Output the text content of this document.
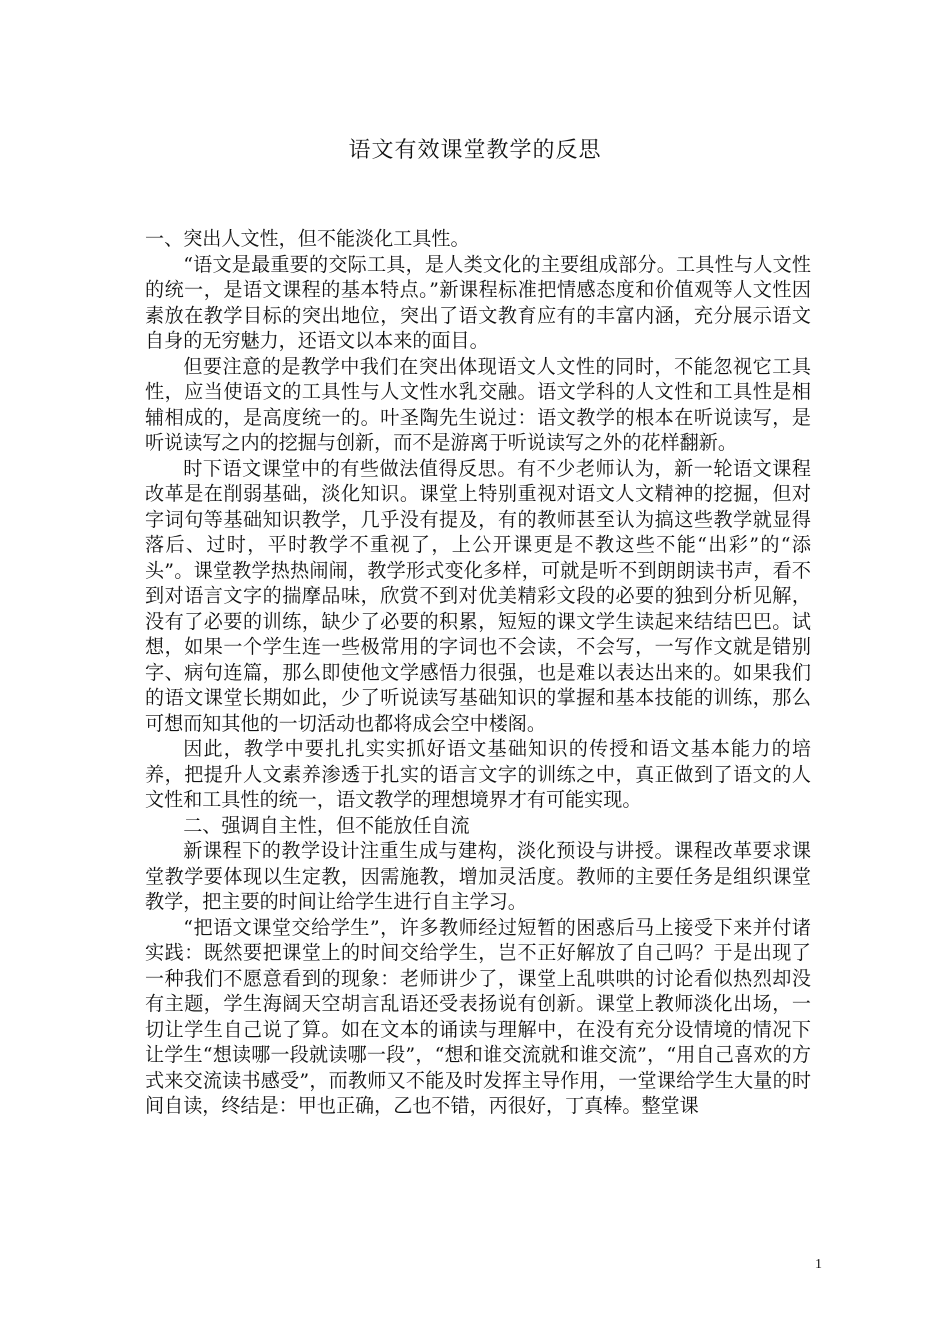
语文有效课堂教学的反思

一、突出人文性，但不能淡化工具性。

“语文是最重要的交际工具，是人类文化的主要组成部分。工具性与人文性的统一，是语文课程的基本特点。”新课程标准把情感态度和价值观等人文性因素放在教学目标的突出地位，突出了语文教育应有的丰富内涵，充分展示语文自身的无穷魅力，还语文以本来的面目。

但要注意的是教学中我们在突出体现语文人文性的同时，不能忽视它工具性，应当使语文的工具性与人文性水乳交融。语文学科的人文性和工具性是相辅相成的，是高度统一的。叶圣陶先生说过：语文教学的根本在听说读写，是听说读写之内的挖掘与创新，而不是游离于听说读写之外的花样翻新。

时下语文课堂中的有些做法值得反思。有不少老师认为，新一轮语文课程改革是在削弱基础，淡化知识。课堂上特别重视对语文人文精神的挖掘，但对字词句等基础知识教学，几乎没有提及，有的教师甚至认为搞这些教学就显得落后、过时，平时教学不重视了，上公开课更是不教这些不能“出彩”的“添头”。课堂教学热热闹闹，教学形式变化多样，可就是听不到朗朗读书声，看不到对语言文字的揣摩品味，欣赏不到对优美精彩文段的必要的独到分析见解，没有了必要的训练，缺少了必要的积累，短短的课文学生读起来结结巴巴。试想，如果一个学生连一些极常用的字词也不会读，不会写，一写作文就是错别字、病句连篇，那么即使他文学感悟力很强，也是难以表达出来的。如果我们的语文课堂长期如此，少了听说读写基础知识的掌握和基本技能的训练，那么可想而知其他的一切活动也都将成会空中楼阁。

因此，教学中要扎扎实实抓好语文基础知识的传授和语文基本能力的培养，把提升人文素养渗透于扎实的语言文字的训练之中，真正做到了语文的人文性和工具性的统一，语文教学的理想境界才有可能实现。

二、强调自主性，但不能放任自流

新课程下的教学设计注重生成与建构，淡化预设与讲授。课程改革要求课堂教学要体现以生定教，因需施教，增加灵活度。教师的主要任务是组织课堂教学，把主要的时间让给学生进行自主学习。

“把语文课堂交给学生”，许多教师经过短暂的困惑后马上接受下来并付诸实践：既然要把课堂上的时间交给学生，岂不正好解放了自己吗？于是出现了一种我们不愿意看到的现象：老师讲少了，课堂上乱哄哄的讨论看似热烈却没有主题，学生海阔天空胡言乱语还受表扬说有创新。课堂上教师淡化出场，一切让学生自己说了算。如在文本的诵读与理解中，在没有充分设情境的情况下让学生“想读哪一段就读哪一段”，“想和谁交流就和谁交流”，“用自己喜欢的方式来交流读书感受”，而教师又不能及时发挥主导作用，一堂课给学生大量的时间自读，终结是：甲也正确，乙也不错，丙很好，丁真棒。整堂课

1
